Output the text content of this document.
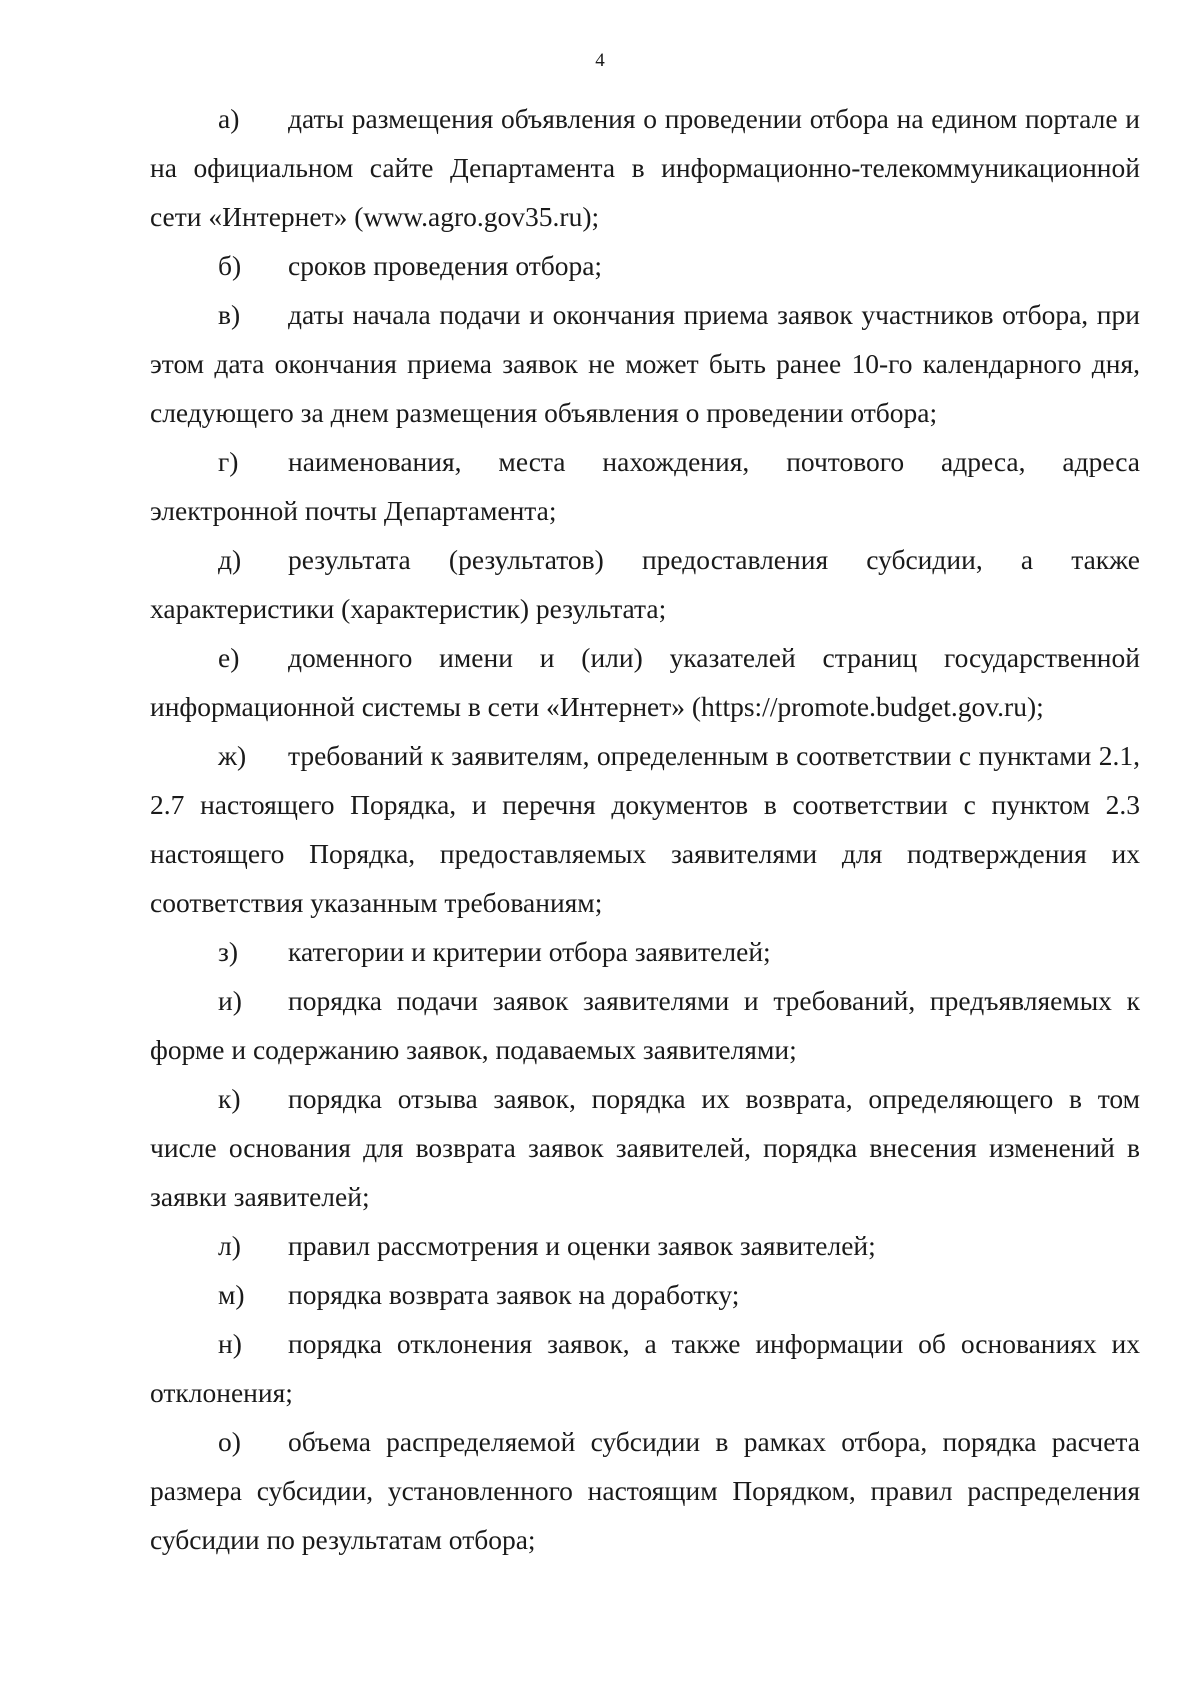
4

а) даты размещения объявления о проведении отбора на едином портале и на официальном сайте Департамента в информационно-телекоммуникационной сети «Интернет» (www.agro.gov35.ru);

б) сроков проведения отбора;

в) даты начала подачи и окончания приема заявок участников отбора, при этом дата окончания приема заявок не может быть ранее 10-го календарного дня, следующего за днем размещения объявления о проведении отбора;

г) наименования, места нахождения, почтового адреса, адреса электронной почты Департамента;

д) результата (результатов) предоставления субсидии, а также характеристики (характеристик) результата;

е) доменного имени и (или) указателей страниц государственной информационной системы в сети «Интернет» (https://promote.budget.gov.ru);

ж) требований к заявителям, определенным в соответствии с пунктами 2.1, 2.7 настоящего Порядка, и перечня документов в соответствии с пунктом 2.3 настоящего Порядка, предоставляемых заявителями для подтверждения их соответствия указанным требованиям;

з) категории и критерии отбора заявителей;

и) порядка подачи заявок заявителями и требований, предъявляемых к форме и содержанию заявок, подаваемых заявителями;

к) порядка отзыва заявок, порядка их возврата, определяющего в том числе основания для возврата заявок заявителей, порядка внесения изменений в заявки заявителей;

л) правил рассмотрения и оценки заявок заявителей;

м) порядка возврата заявок на доработку;

н) порядка отклонения заявок, а также информации об основаниях их отклонения;

о) объема распределяемой субсидии в рамках отбора, порядка расчета размера субсидии, установленного настоящим Порядком, правил распределения субсидии по результатам отбора;
